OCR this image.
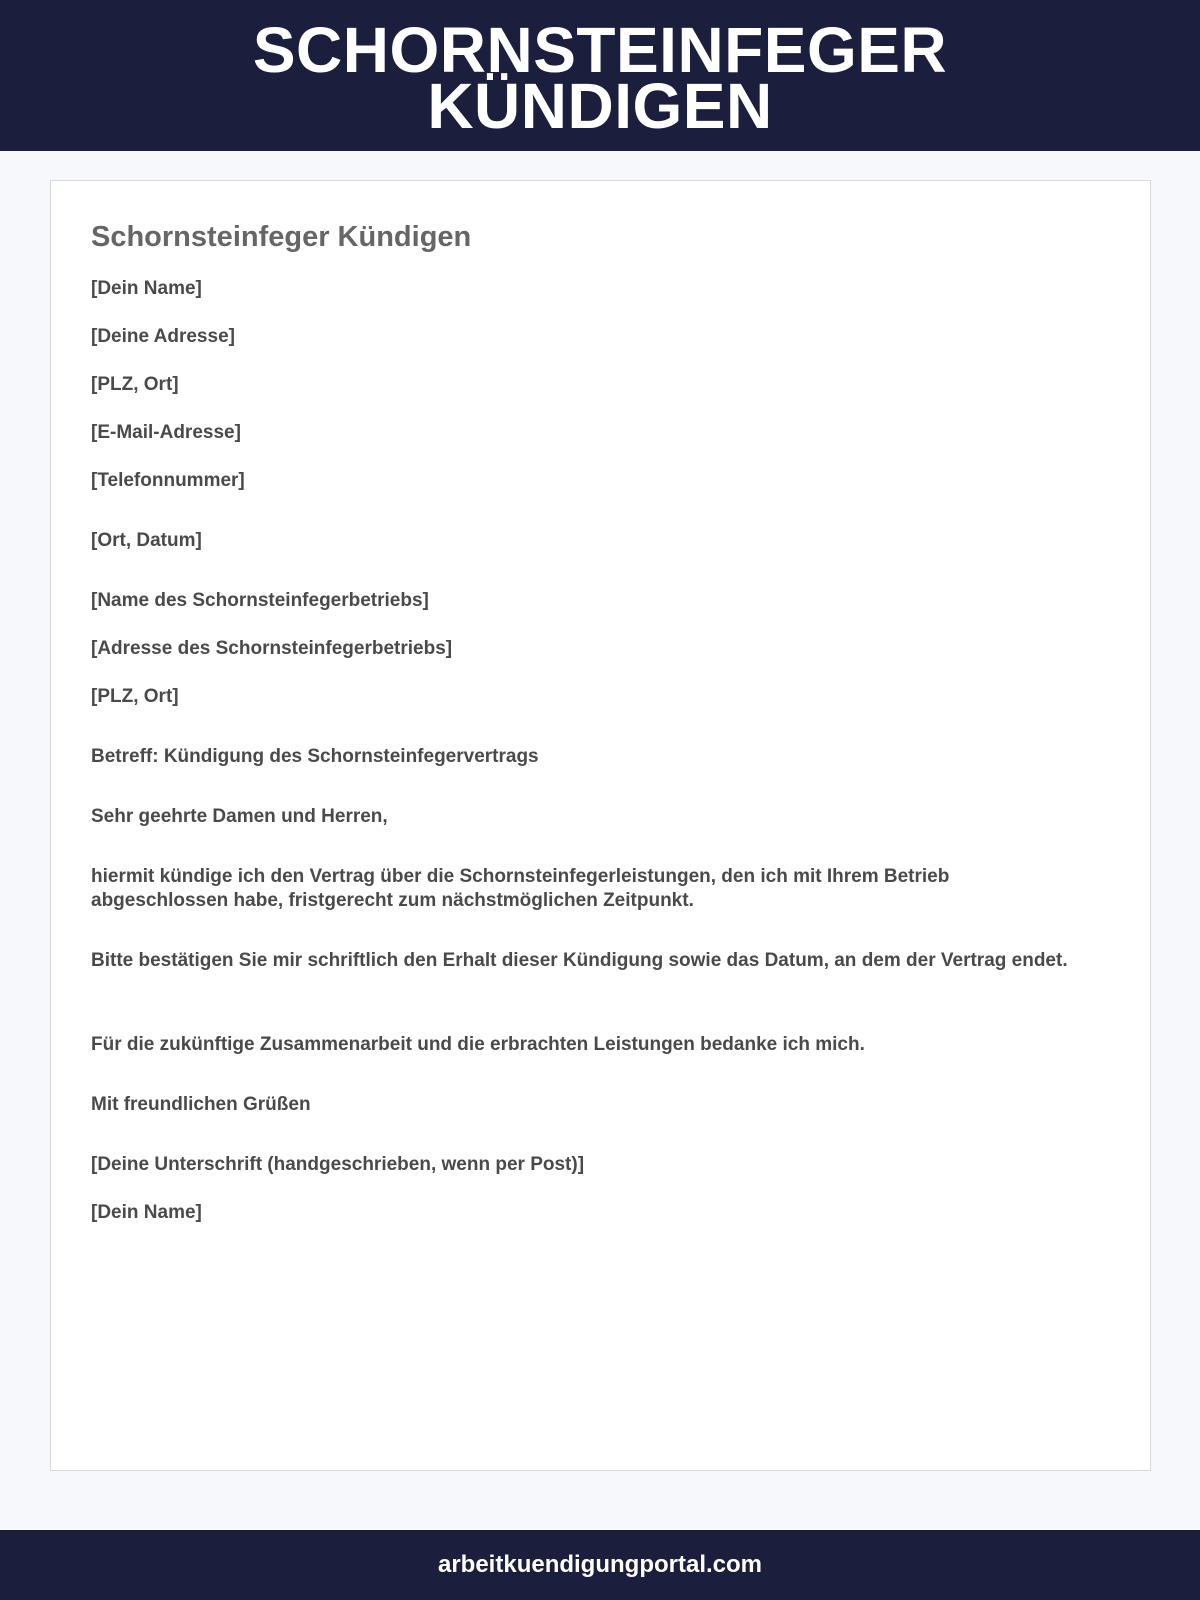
SCHORNSTEINFEGER KÜNDIGEN
Schornsteinfeger Kündigen
[Dein Name]
[Deine Adresse]
[PLZ, Ort]
[E-Mail-Adresse]
[Telefonnummer]
[Ort, Datum]
[Name des Schornsteinfegerbetriebs]
[Adresse des Schornsteinfegerbetriebs]
[PLZ, Ort]
Betreff: Kündigung des Schornsteinfegervertrags
Sehr geehrte Damen und Herren,

hiermit kündige ich den Vertrag über die Schornsteinfegerleistungen, den ich mit Ihrem Betrieb abgeschlossen habe, fristgerecht zum nächstmöglichen Zeitpunkt.

Bitte bestätigen Sie mir schriftlich den Erhalt dieser Kündigung sowie das Datum, an dem der Vertrag endet.

Für die zukünftige Zusammenarbeit und die erbrachten Leistungen bedanke ich mich.

Mit freundlichen Grüßen
[Deine Unterschrift (handgeschrieben, wenn per Post)]
[Dein Name]
arbeitkuendigungportal.com
